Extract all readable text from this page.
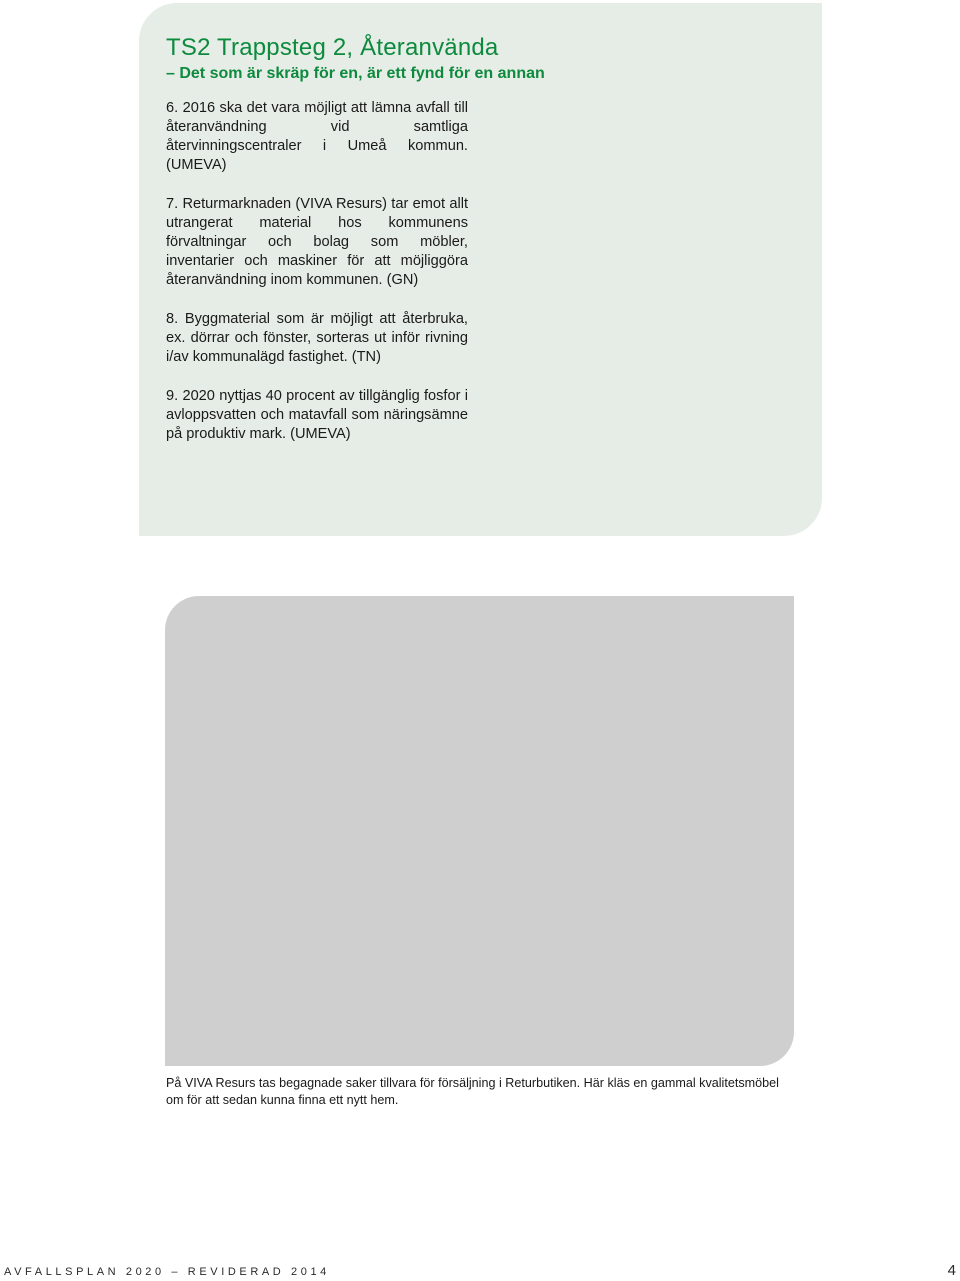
TS2 Trappsteg 2, Återanvända

– Det som är skräp för en, är ett fynd för en annan

6. 2016 ska det vara möjligt att lämna avfall till återanvändning vid samtliga återvinningscentraler i Umeå kommun. (UMEVA)
7. Returmarknaden (VIVA Resurs) tar emot allt utrangerat material hos kommunens förvaltningar och bolag som möbler, inventarier och maskiner för att möjliggöra återanvändning inom kommunen. (GN)
8. Byggmaterial som är möjligt att återbruka, ex. dörrar och fönster, sorteras ut inför rivning i/av kommunalägd fastighet. (TN)
9. 2020 nyttjas 40 procent av tillgänglig fosfor i avloppsvatten och matavfall som näringsämne på produktiv mark. (UMEVA)

På VIVA Resurs tas begagnade saker tillvara för försäljning i Returbutiken. Här kläs en gammal kvalitetsmöbel om för att sedan kunna finna ett nytt hem.

AVFALLSPLAN 2020 – REVIDERAD 2014	4
